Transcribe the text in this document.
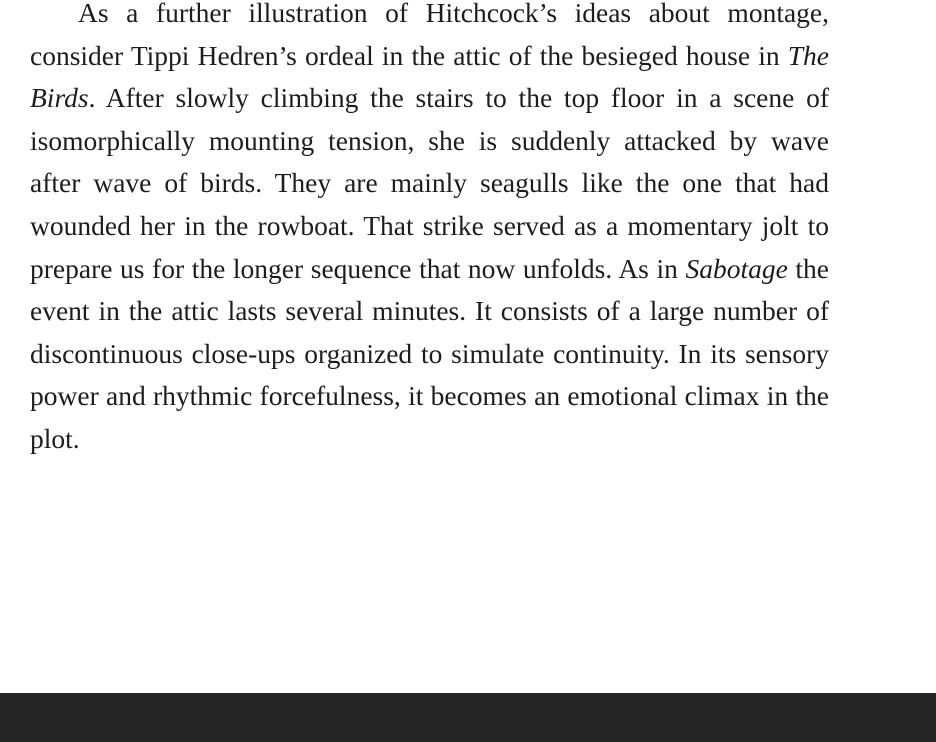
As a further illustration of Hitchcock’s ideas about montage, consider Tippi Hedren’s ordeal in the attic of the besieged house in The Birds. After slowly climbing the stairs to the top floor in a scene of isomorphically mounting tension, she is suddenly attacked by wave after wave of birds. They are mainly seagulls like the one that had wounded her in the rowboat. That strike served as a momentary jolt to prepare us for the longer sequence that now unfolds. As in Sabotage the event in the attic lasts several minutes. It consists of a large number of discontinuous close-ups organized to simulate continuity. In its sensory power and rhythmic forcefulness, it becomes an emotional climax in the plot.
